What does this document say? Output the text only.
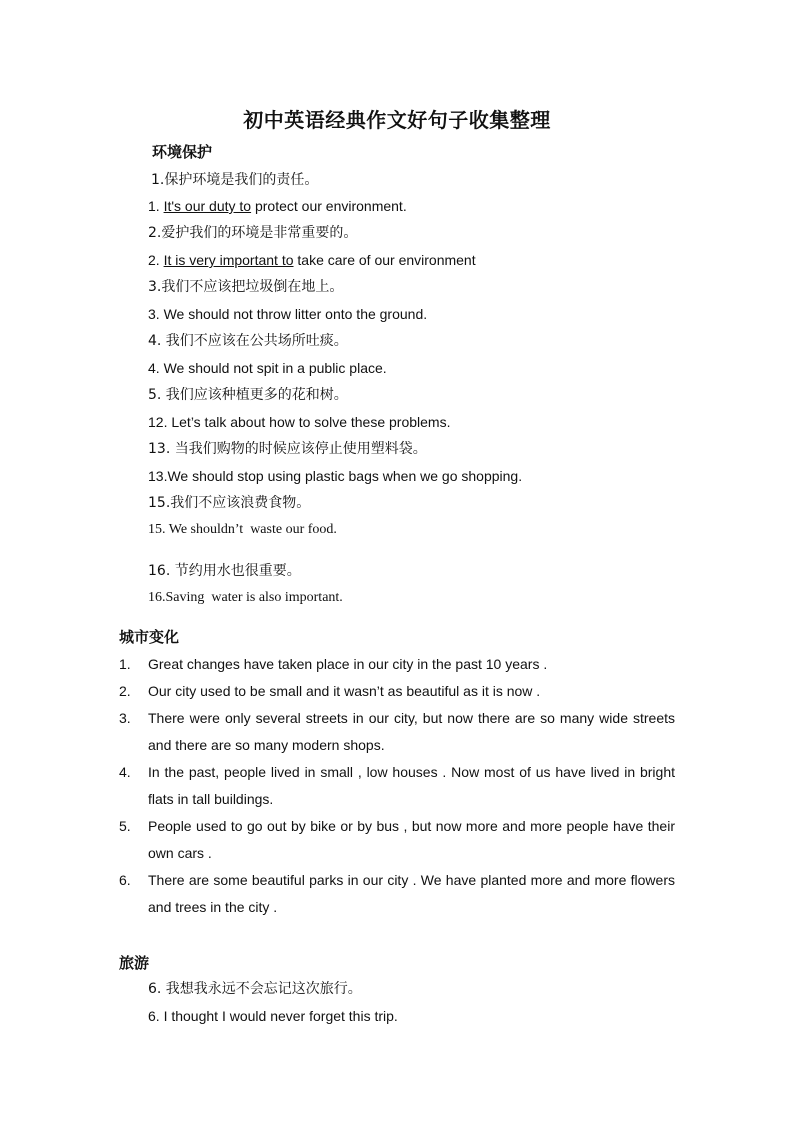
初中英语经典作文好句子收集整理
环境保护
1.保护环境是我们的责任。
1. It's our duty to protect our environment.
2.爱护我们的环境是非常重要的。
2. It is very important to take care of our environment
3.我们不应该把垃圾倒在地上。
3. We should not throw litter onto the ground.
4. 我们不应该在公共场所吐痰。
4. We should not spit in a public place.
5. 我们应该种植更多的花和树。
12. Let’s talk about how to solve these problems.
13. 当我们购物的时候应该停止使用塑料袋。
13.We should stop using plastic bags when we go shopping.
15.我们不应该浪费食物。
15. We shouldn’t  waste our food.
16. 节约用水也很重要。
16.Saving  water is also important.
城市变化
1. Great changes have taken place in our city in the past 10 years .
2. Our city used to be small and it wasn’t as beautiful as it is now .
3. There were only several streets in our city, but now there are so many wide streets and there are so many modern shops.
4. In the past, people lived in small , low houses . Now most of us have lived in bright flats in tall buildings.
5. People used to go out by bike or by bus , but now more and more people have their own cars .
6. There are some beautiful parks in our city . We have planted more and more flowers and trees in the city .
旅游
6. 我想我永远不会忘记这次旅行。
6. I thought I would never forget this trip.
